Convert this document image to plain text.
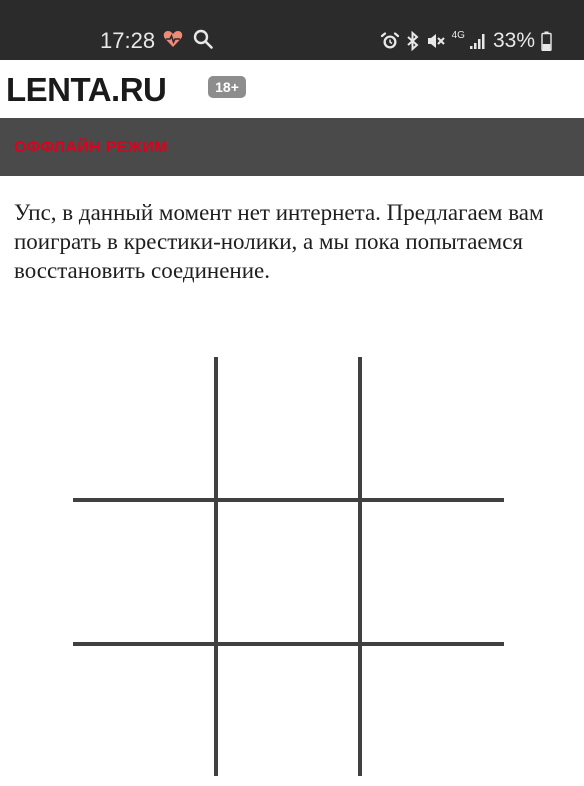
17:28	4G 33%
LENTA.RU	18+
ОФФЛАЙН РЕЖИМ
Упс, в данный момент нет интернета. Предлагаем вам поиграть в крестики-нолики, а мы пока попытаемся восстановить соединение.
